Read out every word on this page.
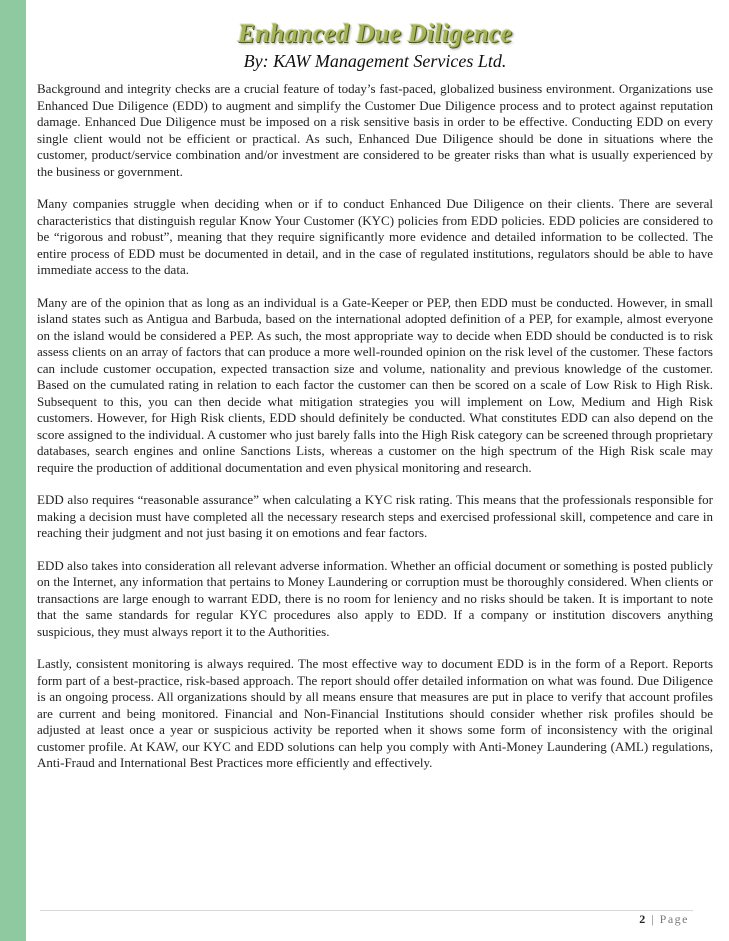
Enhanced Due Diligence
By: KAW Management Services Ltd.

Background and integrity checks are a crucial feature of today’s fast-paced, globalized business environment. Organizations use Enhanced Due Diligence (EDD) to augment and simplify the Customer Due Diligence process and to protect against reputation damage. Enhanced Due Diligence must be imposed on a risk sensitive basis in order to be effective. Conducting EDD on every single client would not be efficient or practical. As such, Enhanced Due Diligence should be done in situations where the customer, product/service combination and/or investment are considered to be greater risks than what is usually experienced by the business or government.

Many companies struggle when deciding when or if to conduct Enhanced Due Diligence on their clients. There are several characteristics that distinguish regular Know Your Customer (KYC) policies from EDD policies. EDD policies are considered to be “rigorous and robust”, meaning that they require significantly more evidence and detailed information to be collected. The entire process of EDD must be documented in detail, and in the case of regulated institutions, regulators should be able to have immediate access to the data.

Many are of the opinion that as long as an individual is a Gate-Keeper or PEP, then EDD must be conducted. However, in small island states such as Antigua and Barbuda, based on the international adopted definition of a PEP, for example, almost everyone on the island would be considered a PEP. As such, the most appropriate way to decide when EDD should be conducted is to risk assess clients on an array of factors that can produce a more well-rounded opinion on the risk level of the customer. These factors can include customer occupation, expected transaction size and volume, nationality and previous knowledge of the customer. Based on the cumulated rating in relation to each factor the customer can then be scored on a scale of Low Risk to High Risk. Subsequent to this, you can then decide what mitigation strategies you will implement on Low, Medium and High Risk customers. However, for High Risk clients, EDD should definitely be conducted. What constitutes EDD can also depend on the score assigned to the individual. A customer who just barely falls into the High Risk category can be screened through proprietary databases, search engines and online Sanctions Lists, whereas a customer on the high spectrum of the High Risk scale may require the production of additional documentation and even physical monitoring and research.

EDD also requires “reasonable assurance” when calculating a KYC risk rating. This means that the professionals responsible for making a decision must have completed all the necessary research steps and exercised professional skill, competence and care in reaching their judgment and not just basing it on emotions and fear factors.

EDD also takes into consideration all relevant adverse information. Whether an official document or something is posted publicly on the Internet, any information that pertains to Money Laundering or corruption must be thoroughly considered. When clients or transactions are large enough to warrant EDD, there is no room for leniency and no risks should be taken. It is important to note that the same standards for regular KYC procedures also apply to EDD. If a company or institution discovers anything suspicious, they must always report it to the Authorities.

Lastly, consistent monitoring is always required. The most effective way to document EDD is in the form of a Report. Reports form part of a best-practice, risk-based approach. The report should offer detailed information on what was found. Due Diligence is an ongoing process. All organizations should by all means ensure that measures are put in place to verify that account profiles are current and being monitored. Financial and Non-Financial Institutions should consider whether risk profiles should be adjusted at least once a year or suspicious activity be reported when it shows some form of inconsistency with the original customer profile. At KAW, our KYC and EDD solutions can help you comply with Anti-Money Laundering (AML) regulations, Anti-Fraud and International Best Practices more efficiently and effectively.

2 | Page
